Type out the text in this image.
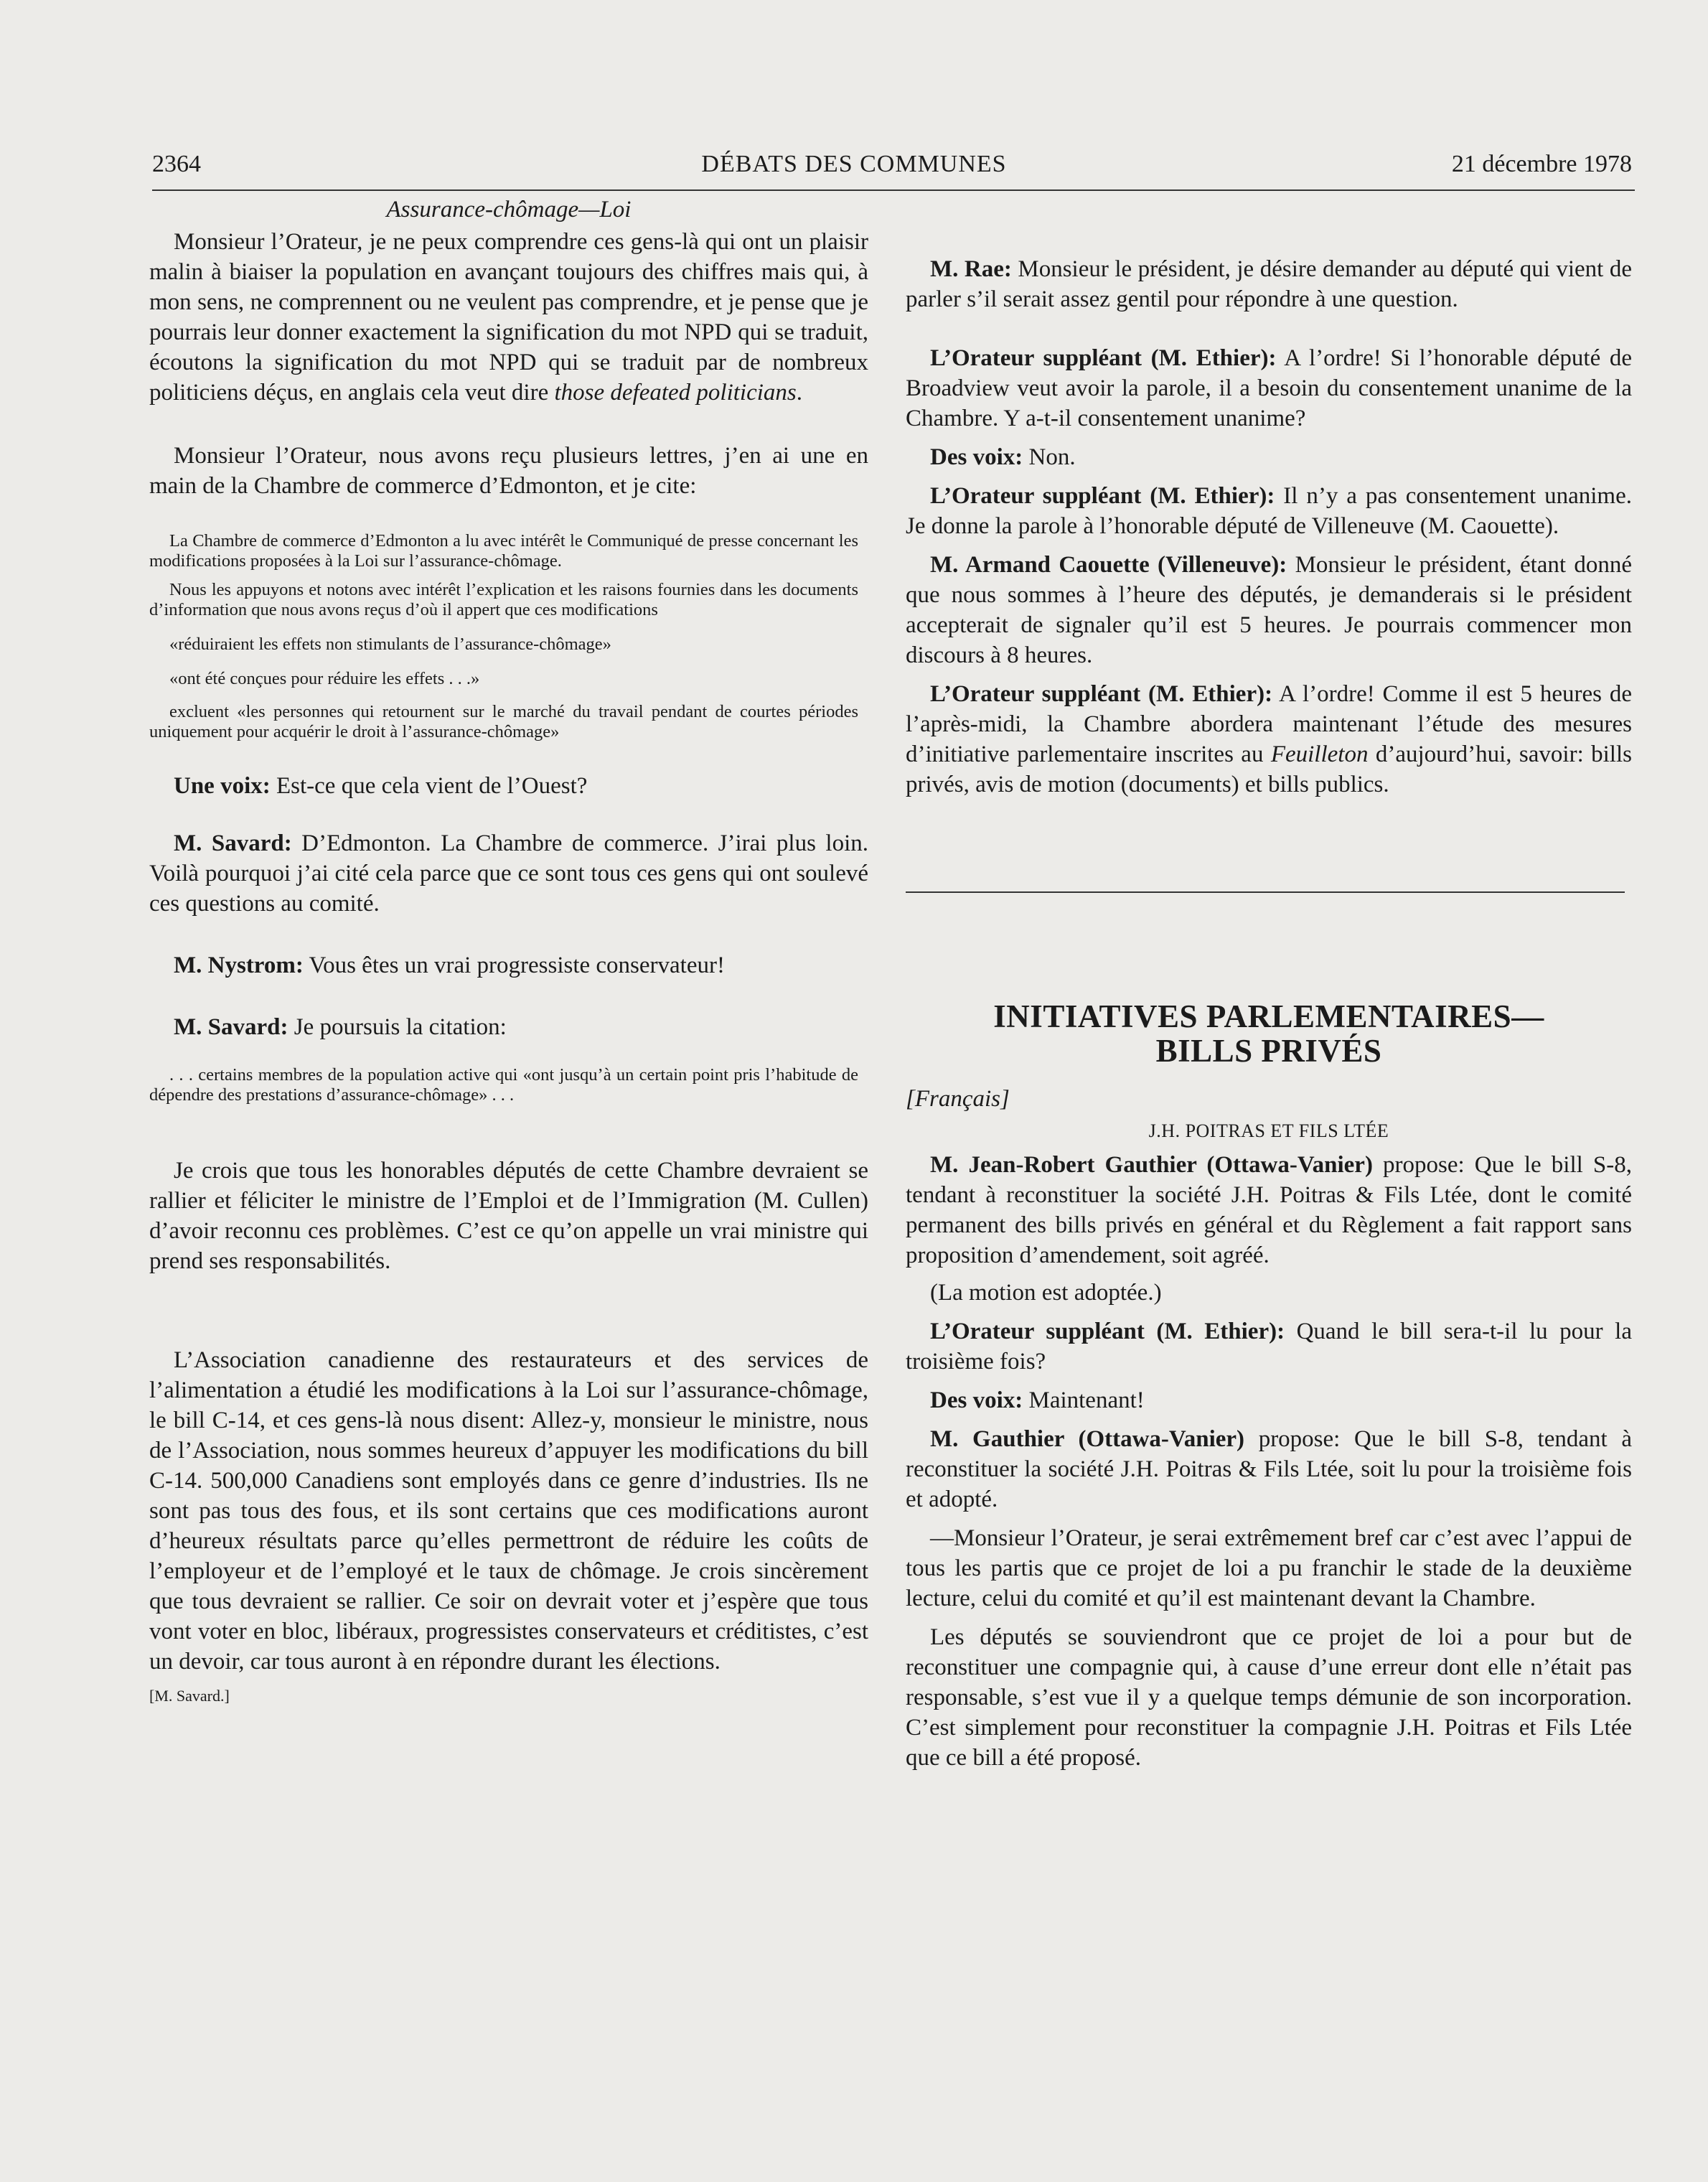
2364	DÉBATS DES COMMUNES	21 décembre 1978

Assurance-chômage—Loi

Monsieur l’Orateur, je ne peux comprendre ces gens-là qui ont un plaisir malin à biaiser la population en avançant toujours des chiffres mais qui, à mon sens, ne comprennent ou ne veulent pas comprendre, et je pense que je pourrais leur donner exactement la signification du mot NPD qui se traduit, écoutons la signification du mot NPD qui se traduit par de nombreux politiciens déçus, en anglais cela veut dire those defeated politicians.

Monsieur l’Orateur, nous avons reçu plusieurs lettres, j’en ai une en main de la Chambre de commerce d’Edmonton, et je cite:

La Chambre de commerce d’Edmonton a lu avec intérêt le Communiqué de presse concernant les modifications proposées à la Loi sur l’assurance-chômage.

Nous les appuyons et notons avec intérêt l’explication et les raisons fournies dans les documents d’information que nous avons reçus d’où il appert que ces modifications

«réduiraient les effets non stimulants de l’assurance-chômage»

«ont été conçues pour réduire les effets . . .»

excluent «les personnes qui retournent sur le marché du travail pendant de courtes périodes uniquement pour acquérir le droit à l’assurance-chômage»

Une voix: Est-ce que cela vient de l’Ouest?

M. Savard: D’Edmonton. La Chambre de commerce. J’irai plus loin. Voilà pourquoi j’ai cité cela parce que ce sont tous ces gens qui ont soulevé ces questions au comité.

M. Nystrom: Vous êtes un vrai progressiste conservateur!

M. Savard: Je poursuis la citation:

. . . certains membres de la population active qui «ont jusqu’à un certain point pris l’habitude de dépendre des prestations d’assurance-chômage» . . .

Je crois que tous les honorables députés de cette Chambre devraient se rallier et féliciter le ministre de l’Emploi et de l’Immigration (M. Cullen) d’avoir reconnu ces problèmes. C’est ce qu’on appelle un vrai ministre qui prend ses responsabilités.

L’Association canadienne des restaurateurs et des services de l’alimentation a étudié les modifications à la Loi sur l’assurance-chômage, le bill C-14, et ces gens-là nous disent: Allez-y, monsieur le ministre, nous de l’Association, nous sommes heureux d’appuyer les modifications du bill C-14. 500,000 Canadiens sont employés dans ce genre d’industries. Ils ne sont pas tous des fous, et ils sont certains que ces modifications auront d’heureux résultats parce qu’elles permettront de réduire les coûts de l’employeur et de l’employé et le taux de chômage. Je crois sincèrement que tous devraient se rallier. Ce soir on devrait voter et j’espère que tous vont voter en bloc, libéraux, progressistes conservateurs et créditistes, c’est un devoir, car tous auront à en répondre durant les élections.

[M. Savard.]

M. Rae: Monsieur le président, je désire demander au député qui vient de parler s’il serait assez gentil pour répondre à une question.

L’Orateur suppléant (M. Ethier): A l’ordre! Si l’honorable député de Broadview veut avoir la parole, il a besoin du consentement unanime de la Chambre. Y a-t-il consentement unanime?

Des voix: Non.

L’Orateur suppléant (M. Ethier): Il n’y a pas consentement unanime. Je donne la parole à l’honorable député de Villeneuve (M. Caouette).

M. Armand Caouette (Villeneuve): Monsieur le président, étant donné que nous sommes à l’heure des députés, je demanderais si le président accepterait de signaler qu’il est 5 heures. Je pourrais commencer mon discours à 8 heures.

L’Orateur suppléant (M. Ethier): A l’ordre! Comme il est 5 heures de l’après-midi, la Chambre abordera maintenant l’étude des mesures d’initiative parlementaire inscrites au Feuilleton d’aujourd’hui, savoir: bills privés, avis de motion (documents) et bills publics.

INITIATIVES PARLEMENTAIRES—BILLS PRIVÉS

[Français]

J.H. POITRAS ET FILS LTÉE

M. Jean-Robert Gauthier (Ottawa-Vanier) propose: Que le bill S-8, tendant à reconstituer la société J.H. Poitras & Fils Ltée, dont le comité permanent des bills privés en général et du Règlement a fait rapport sans proposition d’amendement, soit agréé.

(La motion est adoptée.)

L’Orateur suppléant (M. Ethier): Quand le bill sera-t-il lu pour la troisième fois?

Des voix: Maintenant!

M. Gauthier (Ottawa-Vanier) propose: Que le bill S-8, tendant à reconstituer la société J.H. Poitras & Fils Ltée, soit lu pour la troisième fois et adopté.

—Monsieur l’Orateur, je serai extrêmement bref car c’est avec l’appui de tous les partis que ce projet de loi a pu franchir le stade de la deuxième lecture, celui du comité et qu’il est maintenant devant la Chambre.

Les députés se souviendront que ce projet de loi a pour but de reconstituer une compagnie qui, à cause d’une erreur dont elle n’était pas responsable, s’est vue il y a quelque temps démunie de son incorporation. C’est simplement pour reconstituer la compagnie J.H. Poitras et Fils Ltée que ce bill a été proposé.
